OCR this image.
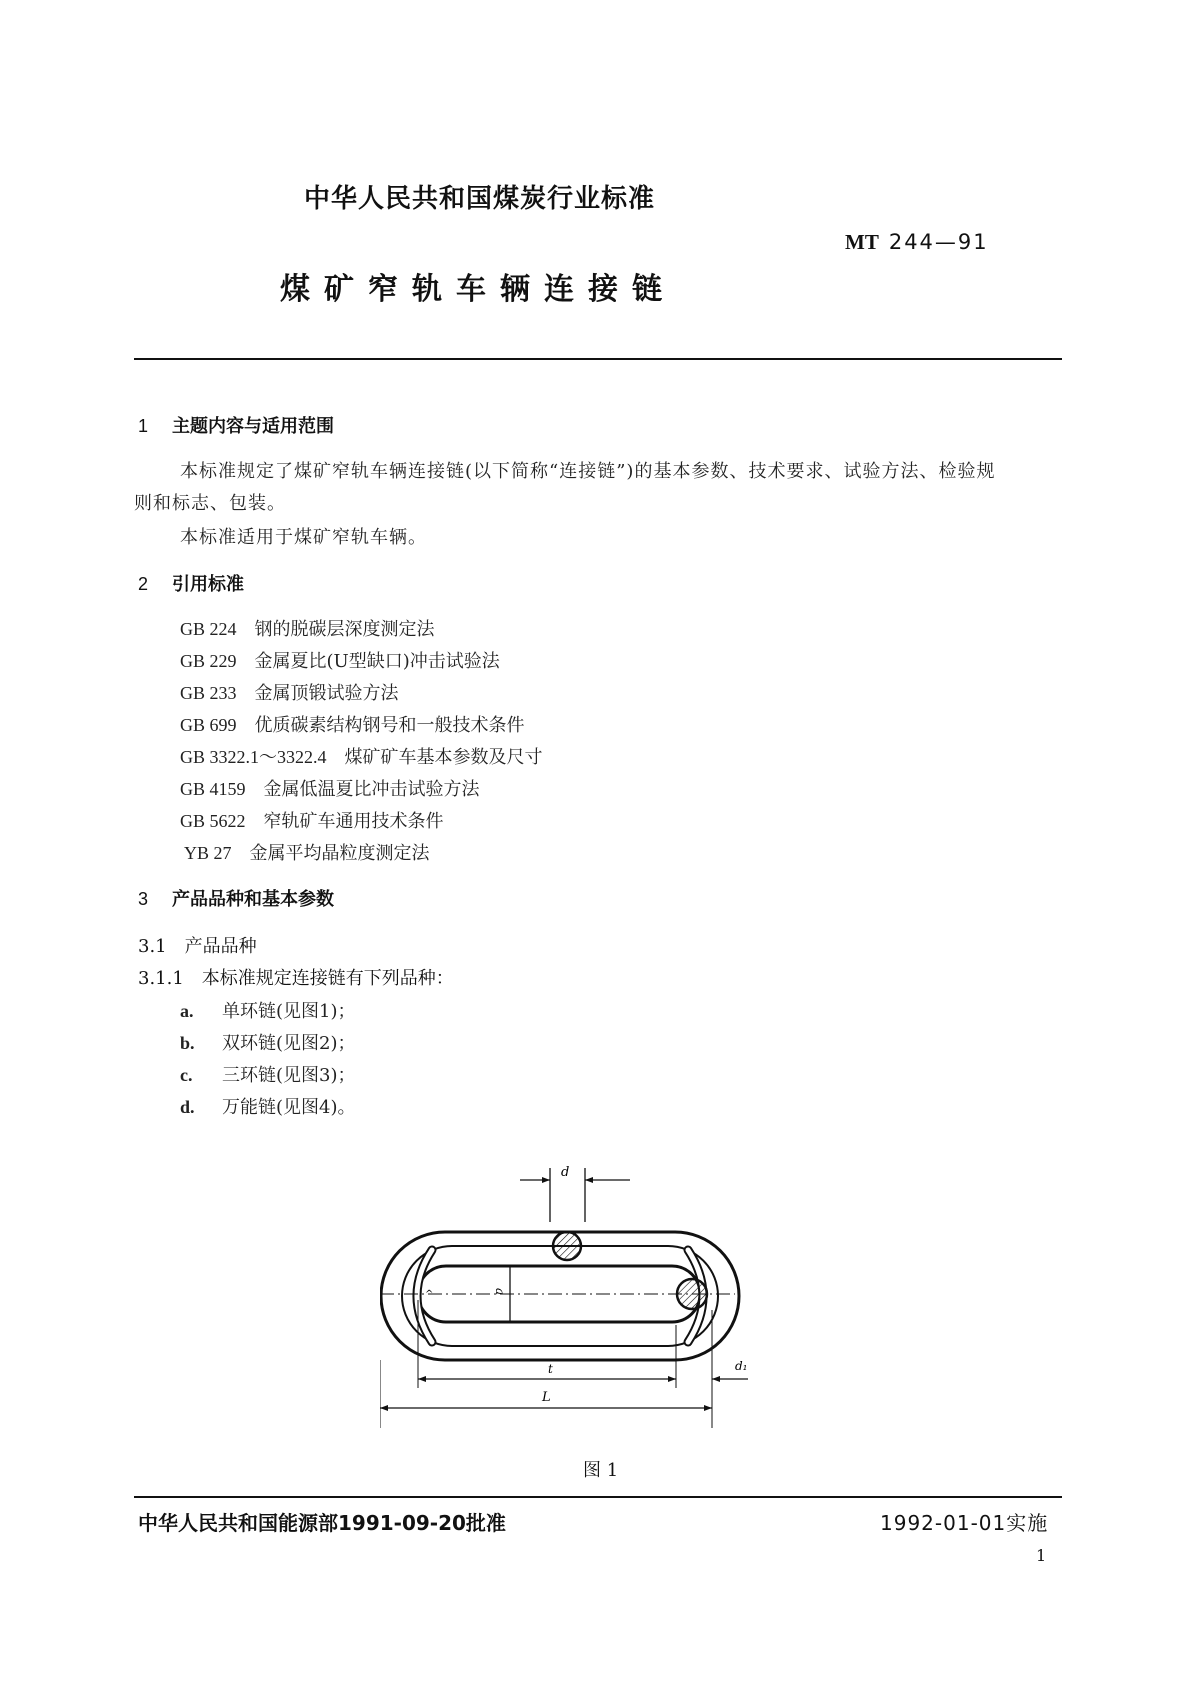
中华人民共和国煤炭行业标准
MT 244—91
煤矿窄轨车辆连接链
1 主题内容与适用范围
本标准规定了煤矿窄轨车辆连接链(以下简称“连接链”)的基本参数、技术要求、试验方法、检验规
则和标志、包装。
本标准适用于煤矿窄轨车辆。
2 引用标准
GB 224 钢的脱碳层深度测定法
GB 229 金属夏比(U型缺口)冲击试验法
GB 233 金属顶锻试验方法
GB 699 优质碳素结构钢号和一般技术条件
GB 3322.1～3322.4 煤矿矿车基本参数及尺寸
GB 4159 金属低温夏比冲击试验方法
GB 5622 窄轨矿车通用技术条件
YB 27 金属平均晶粒度测定法
3 产品品种和基本参数
3.1　产品品种
3.1.1　本标准规定连接链有下列品种：
a. 单环链(见图1)；
b. 双环链(见图2)；
c. 三环链(见图3)；
d. 万能链(见图4)。
d
a
^
t	d₁
L
图 1
中华人民共和国能源部1991-09-20批准	1992-01-01实施
1
